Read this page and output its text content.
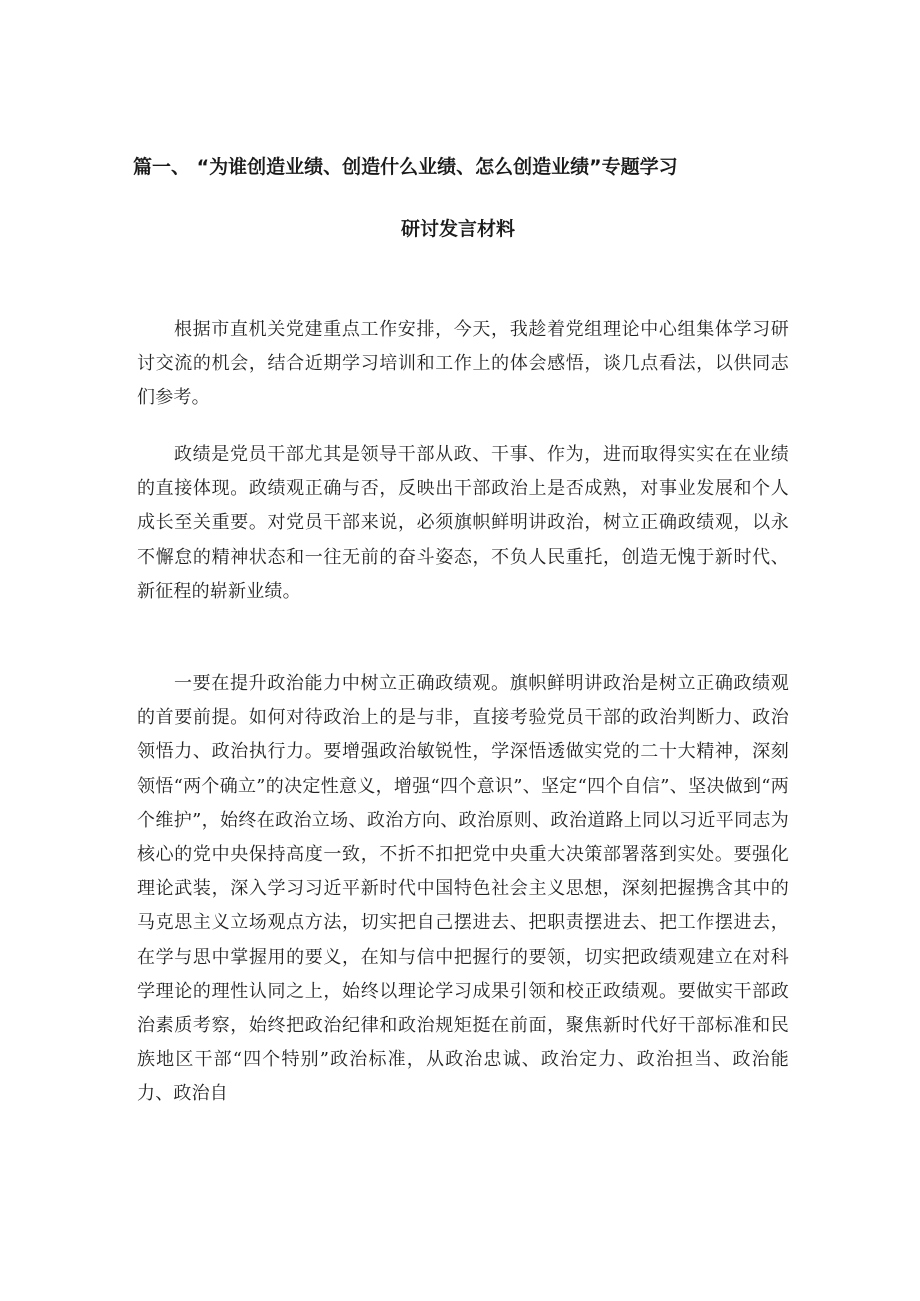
篇一、 “为谁创造业绩、创造什么业绩、怎么创造业绩”专题学习
研讨发言材料

根据市直机关党建重点工作安排，今天，我趁着党组理论中心组集体学习研讨交流的机会，结合近期学习培训和工作上的体会感悟，谈几点看法，以供同志们参考。

政绩是党员干部尤其是领导干部从政、干事、作为，进而取得实实在在业绩的直接体现。政绩观正确与否，反映出干部政治上是否成熟，对事业发展和个人成长至关重要。对党员干部来说，必须旗帜鲜明讲政治，树立正确政绩观，以永不懈怠的精神状态和一往无前的奋斗姿态，不负人民重托，创造无愧于新时代、新征程的崭新业绩。

一要在提升政治能力中树立正确政绩观。旗帜鲜明讲政治是树立正确政绩观的首要前提。如何对待政治上的是与非，直接考验党员干部的政治判断力、政治领悟力、政治执行力。要增强政治敏锐性，学深悟透做实党的二十大精神，深刻领悟“两个确立”的决定性意义，增强“四个意识”、坚定“四个自信”、坚决做到“两个维护”，始终在政治立场、政治方向、政治原则、政治道路上同以习近平同志为核心的党中央保持高度一致，不折不扣把党中央重大决策部署落到实处。要强化理论武装，深入学习习近平新时代中国特色社会主义思想，深刻把握携含其中的马克思主义立场观点方法，切实把自己摆进去、把职责摆进去、把工作摆进去，在学与思中掌握用的要义，在知与信中把握行的要领，切实把政绩观建立在对科学理论的理性认同之上，始终以理论学习成果引领和校正政绩观。要做实干部政治素质考察，始终把政治纪律和政治规矩挺在前面，聚焦新时代好干部标准和民族地区干部“四个特别”政治标准，从政治忠诚、政治定力、政治担当、政治能力、政治自
